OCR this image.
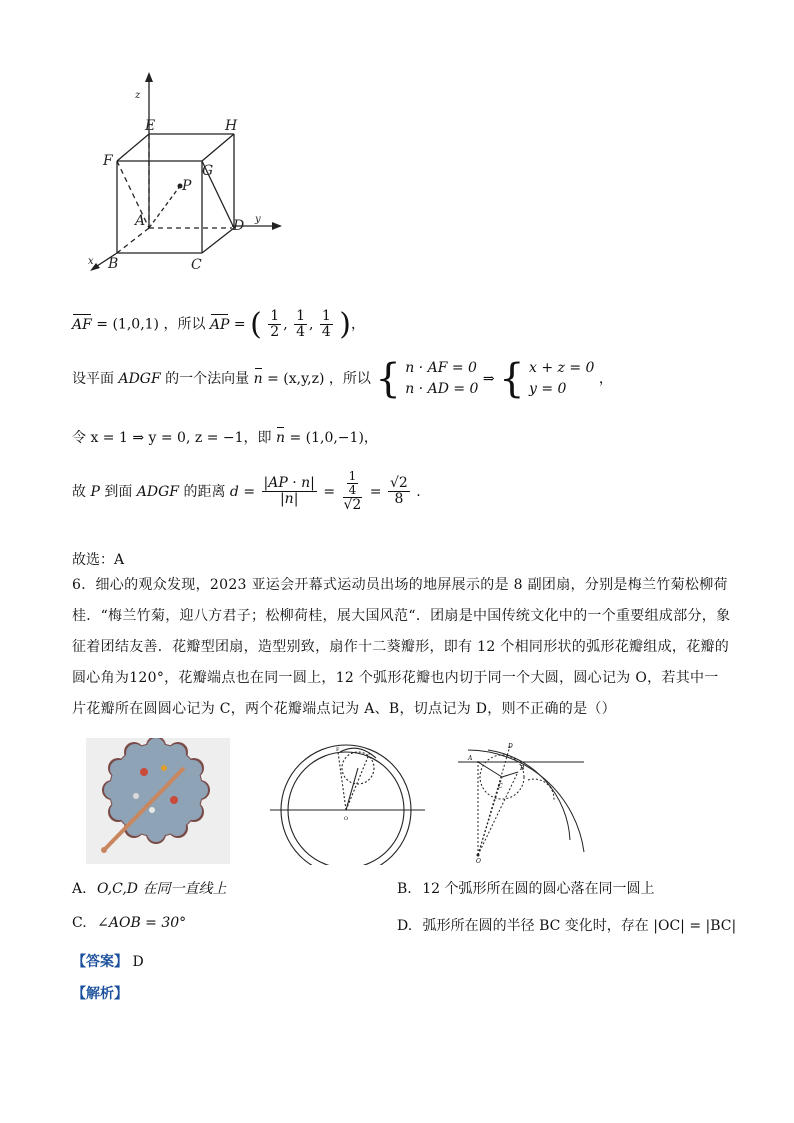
z
E	H
F
G
P
A	D y
B	C
x
AF = (1,0,1) ，所以 AP = ( $\frac{1}{2}$ , $\frac{1}{4}$ , $\frac{1}{4}$ )，
设平面 ADGF 的一个法向量 n = (x,y,z) ，所以 { n · AF = 0
n · AD = 0
⇒ { x + z = 0
y = 0
，
令 x = 1 ⇒ y = 0, z = −1，即 n = (1,0,−1)，
故 P 到面 ADGF 的距离 $d = \frac{|AP \cdot n|}{|n|} = \frac{\frac{1}{4}}{√2} = \frac{√2}{8}$ .
故选：A
6．细心的观众发现，2023 亚运会开幕式运动员出场的地屏展示的是 8 副团扇，分别是梅兰竹菊松柳荷桂．“梅兰竹菊，迎八方君子；松柳荷桂，展大国风范“．团扇是中国传统文化中的一个重要组成部分，象征着团结友善．花瓣型团扇，造型别致，扇作十二葵瓣形，即有 12 个相同形状的弧形花瓣组成，花瓣的圆心角为120°，花瓣端点也在同一圆上，12 个弧形花瓣也内切于同一个大圆，圆心记为 O，若其中一片花瓣所在圆圆心记为 C，两个花瓣端点记为 A、B，切点记为 D，则不正确的是（）
F
O
D
A
B
C
O
A. O,C,D 在同一直线上	B. 12 个弧形所在圆的圆心落在同一圆上
C. ∠AOB = 30°	D. 弧形所在圆的半径 BC 变化时，存在 |OC| = |BC|
【答案】 D
【解析】
